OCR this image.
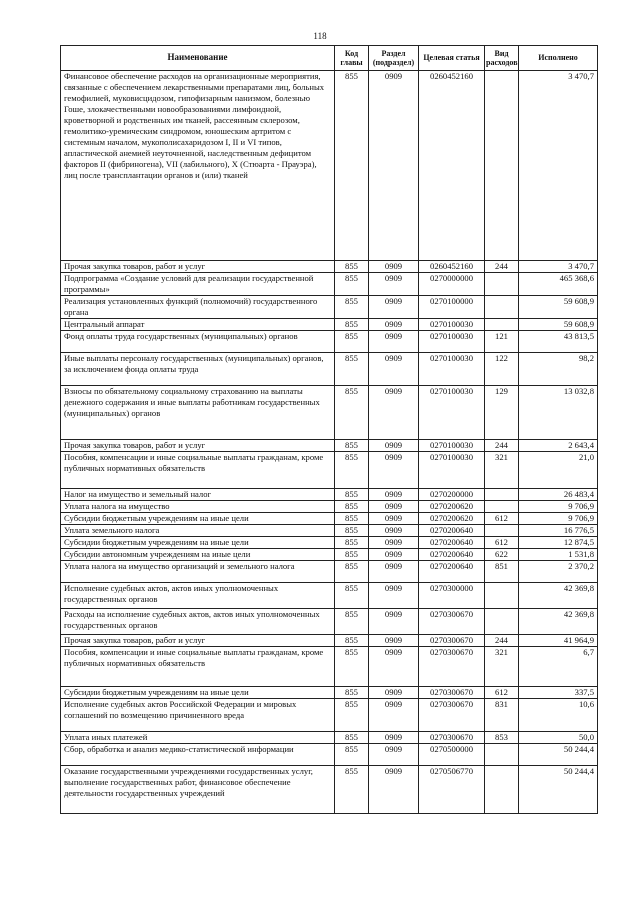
118
Наименование	Код главы	Раздел (подраздел)	Целевая статья	Вид расходов	Исполнено
Финансовое обеспечение расходов на организационные мероприятия, связанные с обеспечением лекарственными препаратами лиц, больных гемофилией, муковисцидозом, гипофизарным нанизмом, болезнью Гоше, злокачественными новообразованиями лимфоидной, кроветворной и родственных им тканей, рассеянным склерозом, гемолитико-уремическим синдромом, юношеским артритом с системным началом, мукополисахаридозом I, II и VI типов, апластической анемией неуточненной, наследственным дефицитом факторов II (фибриногена), VII (лабильного), X (Стюарта - Прауэра), лиц после трансплантации органов и (или) тканей	855	0909	0260452160		3 470,7
Прочая закупка товаров, работ и услуг	855	0909	0260452160	244	3 470,7
Подпрограмма «Создание условий для реализации государственной программы»	855	0909	0270000000		465 368,6
Реализация установленных функций (полномочий) государственного органа	855	0909	0270100000		59 608,9
Центральный аппарат	855	0909	0270100030		59 608,9
Фонд оплаты труда государственных (муниципальных) органов	855	0909	0270100030	121	43 813,5
Иные выплаты персоналу государственных (муниципальных) органов, за исключением фонда оплаты труда	855	0909	0270100030	122	98,2
Взносы по обязательному социальному страхованию на выплаты денежного содержания и иные выплаты работникам государственных (муниципальных) органов	855	0909	0270100030	129	13 032,8
Прочая закупка товаров, работ и услуг	855	0909	0270100030	244	2 643,4
Пособия, компенсации и иные социальные выплаты гражданам, кроме публичных нормативных обязательств	855	0909	0270100030	321	21,0
Налог на имущество и земельный налог	855	0909	0270200000		26 483,4
Уплата налога на имущество	855	0909	0270200620		9 706,9
Субсидии бюджетным учреждениям на иные цели	855	0909	0270200620	612	9 706,9
Уплата земельного налога	855	0909	0270200640		16 776,5
Субсидии бюджетным учреждениям на иные цели	855	0909	0270200640	612	12 874,5
Субсидии автономным учреждениям на иные цели	855	0909	0270200640	622	1 531,8
Уплата налога на имущество организаций и земельного налога	855	0909	0270200640	851	2 370,2
Исполнение судебных актов, актов иных уполномоченных государственных органов	855	0909	0270300000		42 369,8
Расходы на исполнение судебных актов, актов иных уполномоченных государственных органов	855	0909	0270300670		42 369,8
Прочая закупка товаров, работ и услуг	855	0909	0270300670	244	41 964,9
Пособия, компенсации и иные социальные выплаты гражданам, кроме публичных нормативных обязательств	855	0909	0270300670	321	6,7
Субсидии бюджетным учреждениям на иные цели	855	0909	0270300670	612	337,5
Исполнение судебных актов Российской Федерации и мировых соглашений по возмещению причиненного вреда	855	0909	0270300670	831	10,6
Уплата иных платежей	855	0909	0270300670	853	50,0
Сбор, обработка и анализ медико-статистической информации	855	0909	0270500000		50 244,4
Оказание государственными учреждениями государственных услуг, выполнение государственных работ, финансовое обеспечение деятельности государственных учреждений	855	0909	0270506770		50 244,4
